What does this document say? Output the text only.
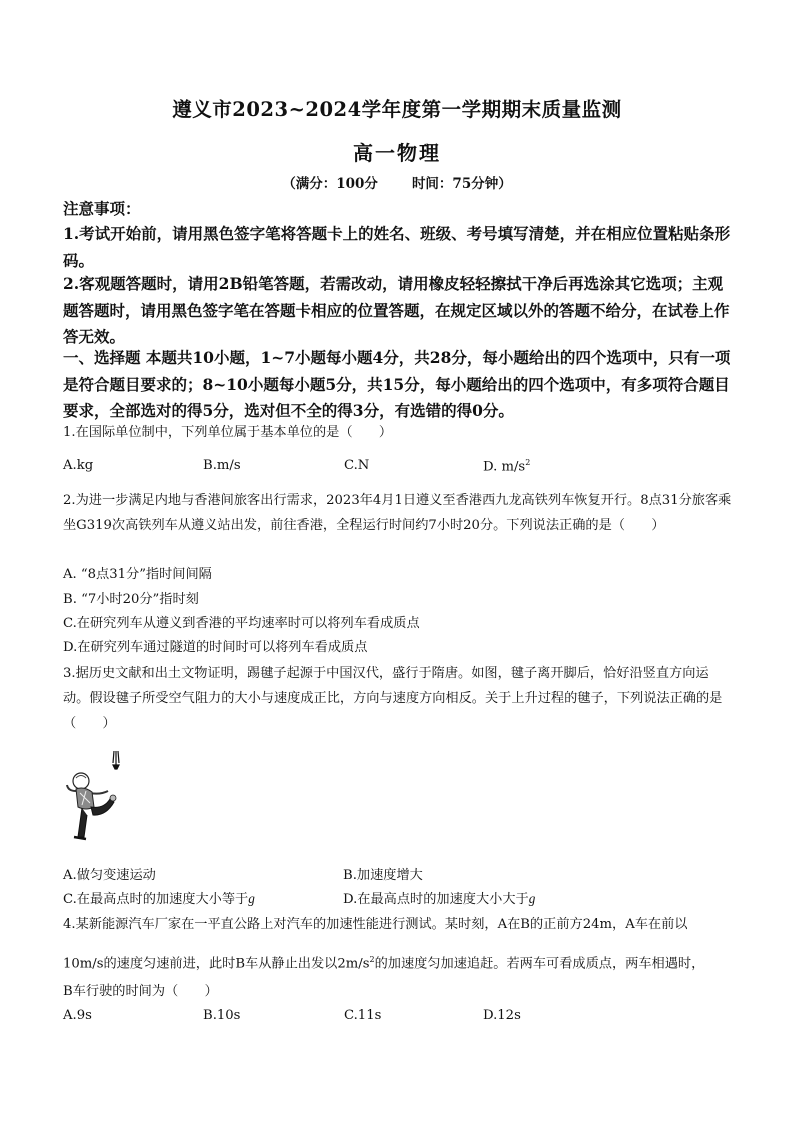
遵义市2023~2024学年度第一学期期末质量监测
高一物理
（满分：100分	时间：75分钟）
注意事项：
1.考试开始前，请用黑色签字笔将答题卡上的姓名、班级、考号填写清楚，并在相应位置粘贴条形码。
2.客观题答题时，请用2B铅笔答题，若需改动，请用橡皮轻轻擦拭干净后再选涂其它选项；主观题答题时，请用黑色签字笔在答题卡相应的位置答题，在规定区域以外的答题不给分，在试卷上作答无效。
一、选择题 本题共10小题，1~7小题每小题4分，共28分，每小题给出的四个选项中，只有一项是符合题目要求的；8~10小题每小题5分，共15分，每小题给出的四个选项中，有多项符合题目要求，全部选对的得5分，选对但不全的得3分，有选错的得0分。
1.在国际单位制中，下列单位属于基本单位的是（　　）
A.kg	B.m/s	C.N	D. $m/s^2$
2.为进一步满足内地与香港间旅客出行需求，2023年4月1日遵义至香港西九龙高铁列车恢复开行。8点31分旅客乘坐G319次高铁列车从遵义站出发，前往香港，全程运行时间约7小时20分。下列说法正确的是（　　）
A. “8点31分”指时间间隔
B. “7小时20分”指时刻
C.在研究列车从遵义到香港的平均速率时可以将列车看成质点
D.在研究列车通过隧道的时间时可以将列车看成质点
3.据历史文献和出土文物证明，踢毽子起源于中国汉代，盛行于隋唐。如图，毽子离开脚后，恰好沿竖直方向运动。假设毽子所受空气阻力的大小与速度成正比，方向与速度方向相反。关于上升过程的毽子，下列说法正确的是（　　）
A.做匀变速运动	B.加速度增大
C.在最高点时的加速度大小等于g	D.在最高点时的加速度大小大于g
4.某新能源汽车厂家在一平直公路上对汽车的加速性能进行测试。某时刻，A在B的正前方24m，A车在前以
10m/s的速度匀速前进，此时B车从静止出发以$2m/s^2$的加速度匀加速追赶。若两车可看成质点，两车相遇时，
B车行驶的时间为（　　）
A.9s	B.10s	C.11s	D.12s
